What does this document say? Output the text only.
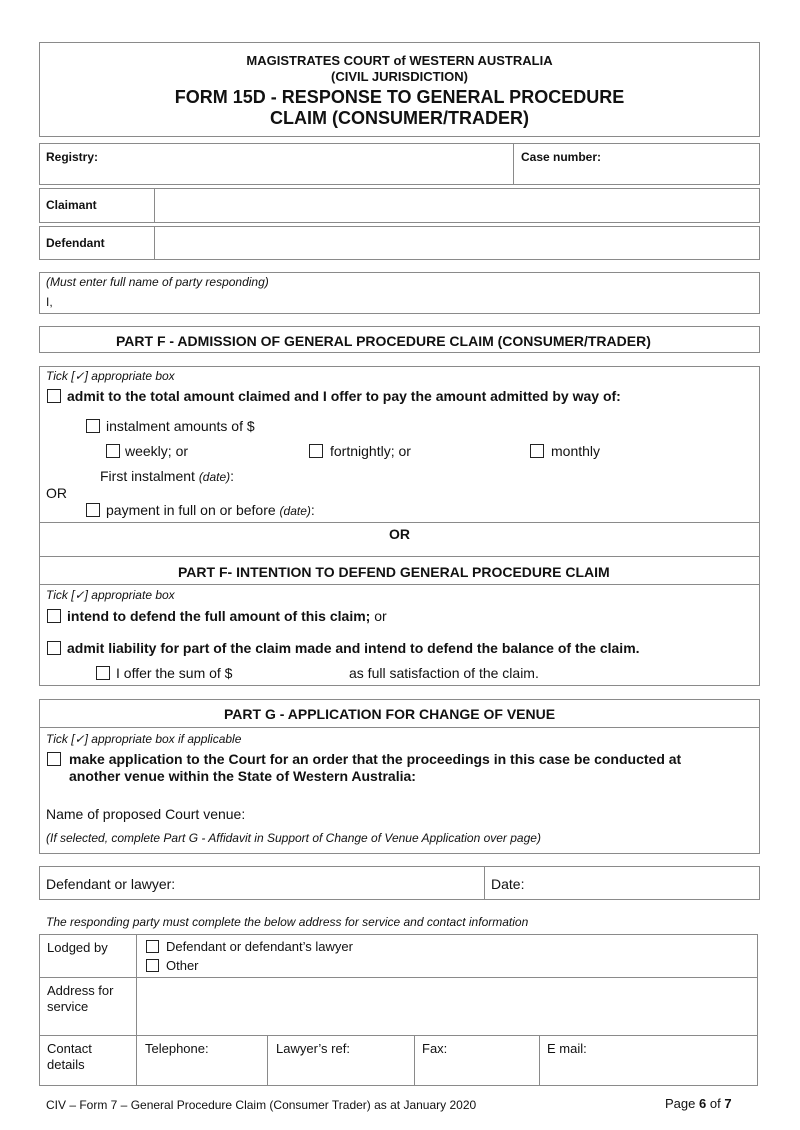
MAGISTRATES COURT of WESTERN AUSTRALIA
(CIVIL JURISDICTION)
FORM 15D - RESPONSE TO GENERAL PROCEDURE
CLAIM (CONSUMER/TRADER)
Registry:	Case number:
Claimant
Defendant
(Must enter full name of party responding)
I,
PART F - ADMISSION OF GENERAL PROCEDURE CLAIM (CONSUMER/TRADER)
Tick [✓] appropriate box
admit to the total amount claimed and I offer to pay the amount admitted by way of:
instalment amounts of $
weekly; or	fortnightly; or	monthly
First instalment (date):
OR
payment in full on or before (date):
OR
PART F- INTENTION TO DEFEND GENERAL PROCEDURE CLAIM
Tick [✓] appropriate box
intend to defend the full amount of this claim; or
admit liability for part of the claim made and intend to defend the balance of the claim.
I offer the sum of $	as full satisfaction of the claim.
PART G - APPLICATION FOR CHANGE OF VENUE
Tick [✓] appropriate box if applicable
make application to the Court for an order that the proceedings in this case be conducted at
another venue within the State of Western Australia:
Name of proposed Court venue:
(If selected, complete Part G - Affidavit in Support of Change of Venue Application over page)
Defendant or lawyer:	Date:
The responding party must complete the below address for service and contact information
Lodged by	Defendant or defendant’s lawyer
Other
Address for
service
Contact
details
Telephone:	Lawyer’s ref:	Fax:	E mail:
CIV – Form 7 – General Procedure Claim (Consumer Trader) as at January 2020	Page 6 of 7
